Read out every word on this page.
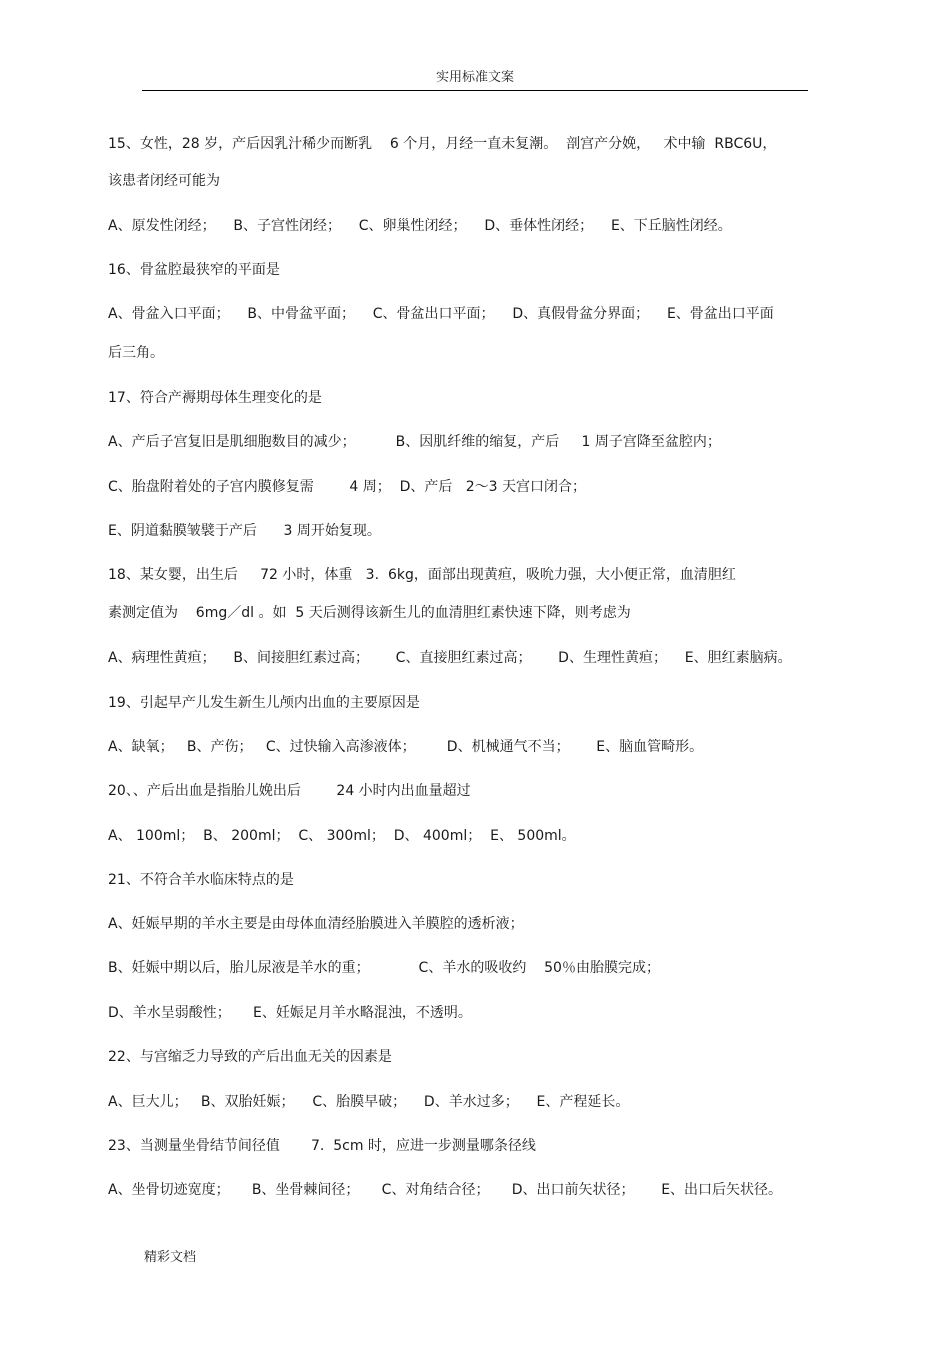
实用标准文案
15、女性，28 岁，产后因乳汁稀少而断乳    6 个月，月经一直未复潮。  剖宫产分娩，   术中输  RBC6U，
该患者闭经可能为
A、原发性闭经；    B、子宫性闭经；    C、卵巢性闭经；    D、垂体性闭经；    E、下丘脑性闭经。
16、骨盆腔最狭窄的平面是
A、骨盆入口平面；    B、中骨盆平面；    C、骨盆出口平面；    D、真假骨盆分界面；    E、骨盆出口平面
后三角。
17、符合产褥期母体生理变化的是
A、产后子宫复旧是肌细胞数目的减少；         B、因肌纤维的缩复，产后     1 周子宫降至盆腔内；
C、胎盘附着处的子宫内膜修复需        4 周；  D、产后   2～3 天宫口闭合；
E、阴道黏膜皱襞于产后      3 周开始复现。
18、某女婴，出生后     72 小时，体重   3.  6kg，面部出现黄疸，吸吮力强，大小便正常，血清胆红
素测定值为    6mg／dl 。如  5 天后测得该新生儿的血清胆红素快速下降，则考虑为
A、病理性黄疸；    B、间接胆红素过高；      C、直接胆红素过高；      D、生理性黄疸；    E、胆红素脑病。
19、引起早产儿发生新生儿颅内出血的主要原因是
A、缺氧；   B、产伤；   C、过快输入高渗液体；       D、机械通气不当；      E、脑血管畸形。
20、、产后出血是指胎儿娩出后        24 小时内出血量超过
A、 100ml；  B、 200ml；  C、 300ml；  D、 400ml；  E、 500ml。
21、不符合羊水临床特点的是
A、妊娠早期的羊水主要是由母体血清经胎膜进入羊膜腔的透析液；
B、妊娠中期以后，胎儿尿液是羊水的重；           C、羊水的吸收约    50％由胎膜完成；
D、羊水呈弱酸性；     E、妊娠足月羊水略混浊，不透明。
22、与宫缩乏力导致的产后出血无关的因素是
A、巨大儿；   B、双胎妊娠；    C、胎膜早破；    D、羊水过多；    E、产程延长。
23、当测量坐骨结节间径值       7.  5cm 时，应进一步测量哪条径线
A、坐骨切迹宽度；     B、坐骨棘间径；     C、对角结合径；     D、出口前矢状径；      E、出口后矢状径。
精彩文档
